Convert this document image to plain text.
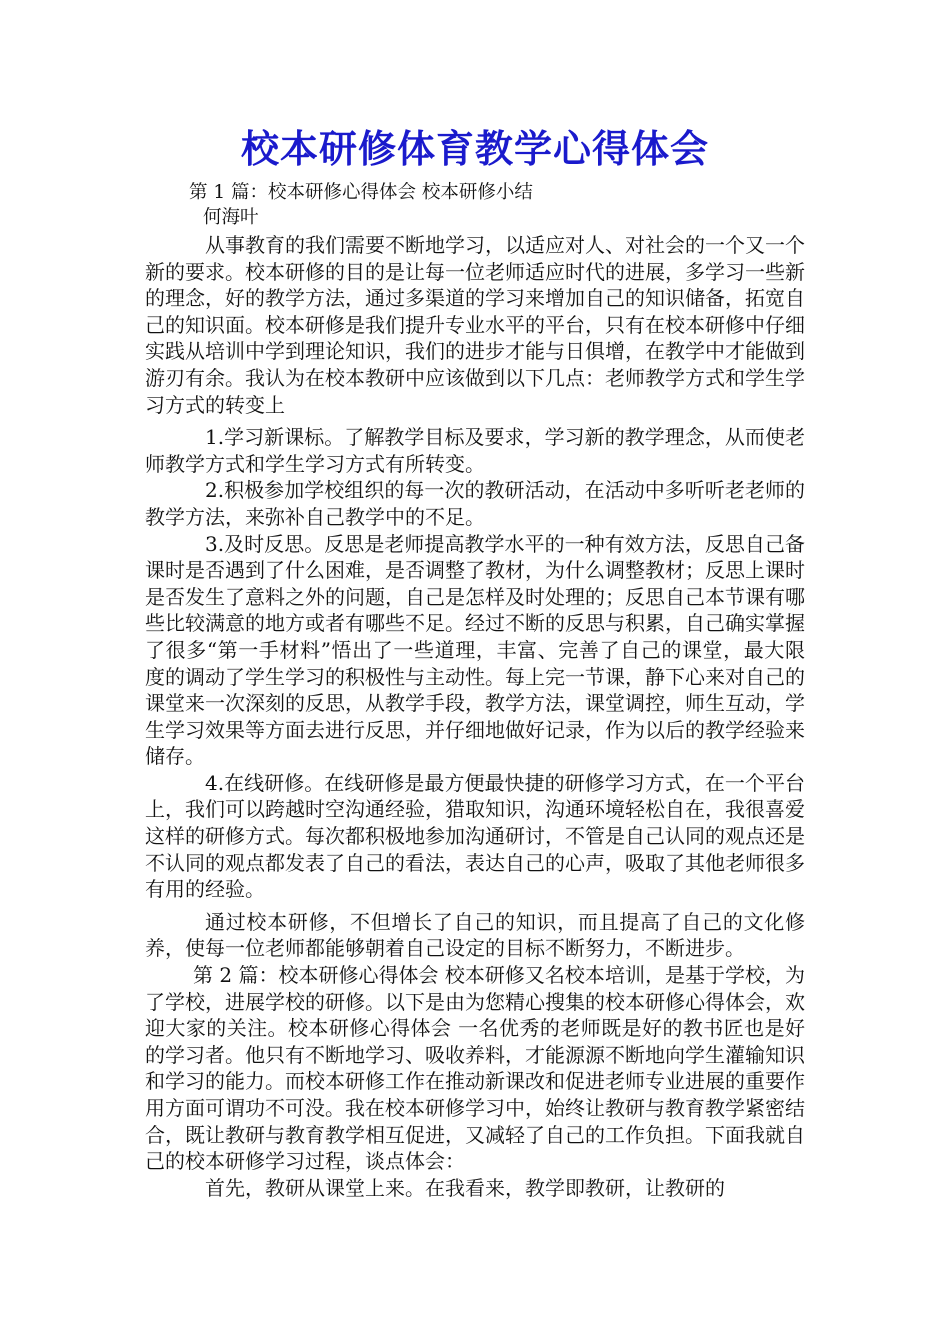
校本研修体育教学心得体会
第 1 篇：校本研修心得体会 校本研修小结
何海叶

从事教育的我们需要不断地学习，以适应对人、对社会的一个又一个新的要求。校本研修的目的是让每一位老师适应时代的进展，多学习一些新的理念，好的教学方法，通过多渠道的学习来增加自己的知识储备，拓宽自己的知识面。校本研修是我们提升专业水平的平台，只有在校本研修中仔细实践从培训中学到理论知识，我们的进步才能与日俱增，在教学中才能做到游刃有余。我认为在校本教研中应该做到以下几点：老师教学方式和学生学习方式的转变上

1.学习新课标。了解教学目标及要求，学习新的教学理念，从而使老师教学方式和学生学习方式有所转变。

2.积极参加学校组织的每一次的教研活动，在活动中多听听老老师的教学方法，来弥补自己教学中的不足。

3.及时反思。反思是老师提高教学水平的一种有效方法，反思自己备课时是否遇到了什么困难，是否调整了教材，为什么调整教材；反思上课时是否发生了意料之外的问题，自己是怎样及时处理的；反思自己本节课有哪些比较满意的地方或者有哪些不足。经过不断的反思与积累，自己确实掌握了很多“第一手材料”悟出了一些道理，丰富、完善了自己的课堂，最大限度的调动了学生学习的积极性与主动性。每上完一节课，静下心来对自己的课堂来一次深刻的反思，从教学手段，教学方法，课堂调控，师生互动，学生学习效果等方面去进行反思，并仔细地做好记录，作为以后的教学经验来储存。

4.在线研修。在线研修是最方便最快捷的研修学习方式，在一个平台上，我们可以跨越时空沟通经验，猎取知识，沟通环境轻松自在，我很喜爱这样的研修方式。每次都积极地参加沟通研讨，不管是自己认同的观点还是不认同的观点都发表了自己的看法，表达自己的心声，吸取了其他老师很多有用的经验。

通过校本研修，不但增长了自己的知识，而且提高了自己的文化修养，使每一位老师都能够朝着自己设定的目标不断努力，不断进步。

第 2 篇：校本研修心得体会 校本研修又名校本培训，是基于学校，为了学校，进展学校的研修。以下是由为您精心搜集的校本研修心得体会，欢迎大家的关注。校本研修心得体会 一名优秀的老师既是好的教书匠也是好的学习者。他只有不断地学习、吸收养料，才能源源不断地向学生灌输知识和学习的能力。而校本研修工作在推动新课改和促进老师专业进展的重要作用方面可谓功不可没。我在校本研修学习中，始终让教研与教育教学紧密结合，既让教研与教育教学相互促进，又减轻了自己的工作负担。下面我就自己的校本研修学习过程，谈点体会：

首先，教研从课堂上来。在我看来，教学即教研，让教研的
